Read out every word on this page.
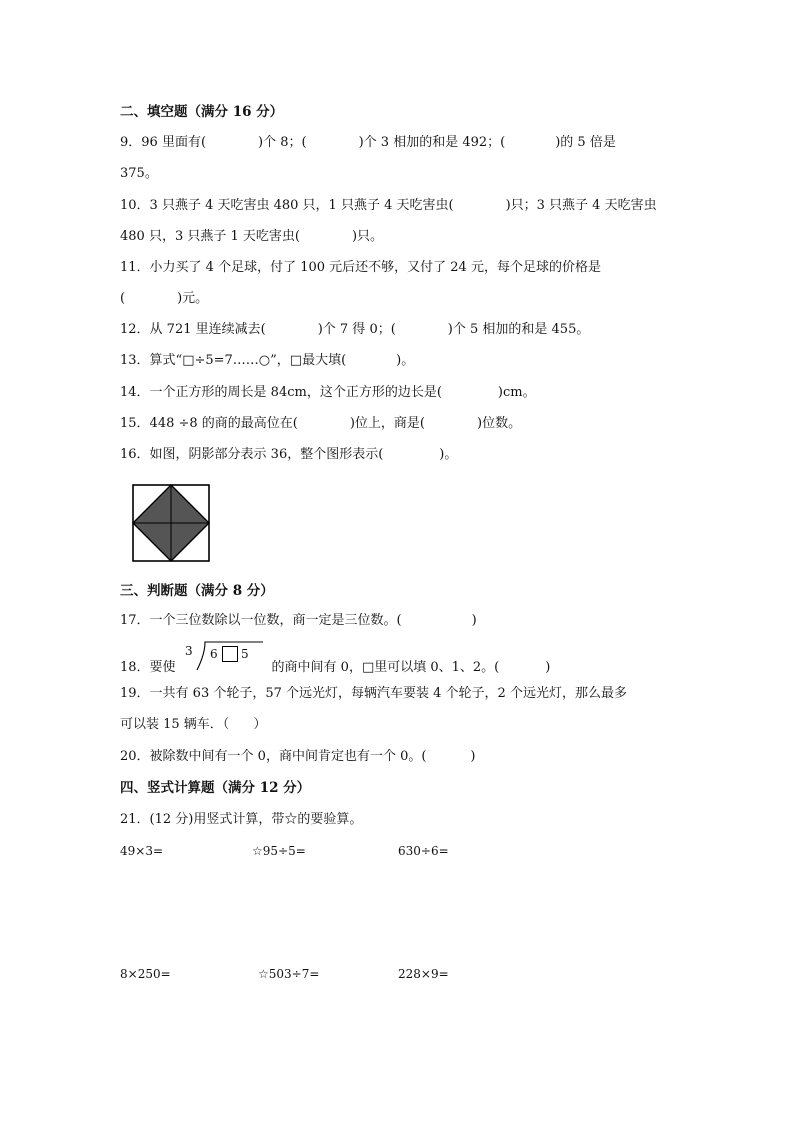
二、填空题（满分 16 分）
9．96 里面有(	)个 8；(	)个 3 相加的和是 492；(	)的 5 倍是
375。
10．3 只燕子 4 天吃害虫 480 只，1 只燕子 4 天吃害虫(	)只；3 只燕子 4 天吃害虫
480 只，3 只燕子 1 天吃害虫(	)只。
11．小力买了 4 个足球，付了 100 元后还不够，又付了 24 元，每个足球的价格是
(	)元。
12．从 721 里连续减去(	)个 7 得 0；(	)个 5 相加的和是 455。
13．算式“□÷5=7……○”，□最大填(	)。
14．一个正方形的周长是 84cm，这个正方形的边长是(	)cm。
15．448 ÷8 的商的最高位在(	)位上，商是(	)位数。
16．如图，阴影部分表示 36，整个图形表示(	)。
三、判断题（满分 8 分）
17．一个三位数除以一位数，商一定是三位数。(	)
18．要使	的商中间有 0，□里可以填 0、1、2。(	)
3 6 5
19．一共有 63 个轮子，57 个远光灯，每辆汽车要装 4 个轮子，2 个远光灯，那么最多
可以装 15 辆车．（ ）
20．被除数中间有一个 0，商中间肯定也有一个 0。(	)
四、竖式计算题（满分 12 分）
21．(12 分)用竖式计算，带☆的要验算。
49×3=	☆95÷5=	630÷6=
8×250=	☆503÷7=	228×9=
